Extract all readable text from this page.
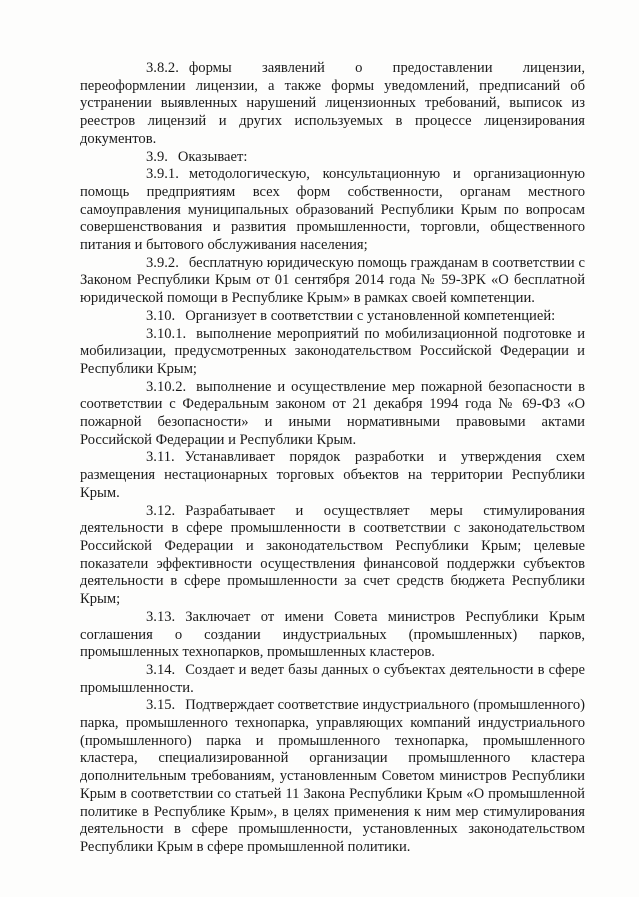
3.8.2. формы заявлений о предоставлении лицензии, переоформлении лицензии, а также формы уведомлений, предписаний об устранении выявленных нарушений лицензионных требований, выписок из реестров лицензий и других используемых в процессе лицензирования документов.

3.9. Оказывает:

3.9.1. методологическую, консультационную и организационную помощь предприятиям всех форм собственности, органам местного самоуправления муниципальных образований Республики Крым по вопросам совершенствования и развития промышленности, торговли, общественного питания и бытового обслуживания населения;

3.9.2. бесплатную юридическую помощь гражданам в соответствии с Законом Республики Крым от 01 сентября 2014 года № 59-ЗРК «О бесплатной юридической помощи в Республике Крым» в рамках своей компетенции.

3.10. Организует в соответствии с установленной компетенцией:

3.10.1. выполнение мероприятий по мобилизационной подготовке и мобилизации, предусмотренных законодательством Российской Федерации и Республики Крым;

3.10.2. выполнение и осуществление мер пожарной безопасности в соответствии с Федеральным законом от 21 декабря 1994 года № 69-ФЗ «О пожарной безопасности» и иными нормативными правовыми актами Российской Федерации и Республики Крым.

3.11. Устанавливает порядок разработки и утверждения схем размещения нестационарных торговых объектов на территории Республики Крым.

3.12. Разрабатывает и осуществляет меры стимулирования деятельности в сфере промышленности в соответствии с законодательством Российской Федерации и законодательством Республики Крым; целевые показатели эффективности осуществления финансовой поддержки субъектов деятельности в сфере промышленности за счет средств бюджета Республики Крым;

3.13. Заключает от имени Совета министров Республики Крым соглашения о создании индустриальных (промышленных) парков, промышленных технопарков, промышленных кластеров.

3.14. Создает и ведет базы данных о субъектах деятельности в сфере промышленности.

3.15. Подтверждает соответствие индустриального (промышленного) парка, промышленного технопарка, управляющих компаний индустриального (промышленного) парка и промышленного технопарка, промышленного кластера, специализированной организации промышленного кластера дополнительным требованиям, установленным Советом министров Республики Крым в соответствии со статьей 11 Закона Республики Крым «О промышленной политике в Республике Крым», в целях применения к ним мер стимулирования деятельности в сфере промышленности, установленных законодательством Республики Крым в сфере промышленной политики.
